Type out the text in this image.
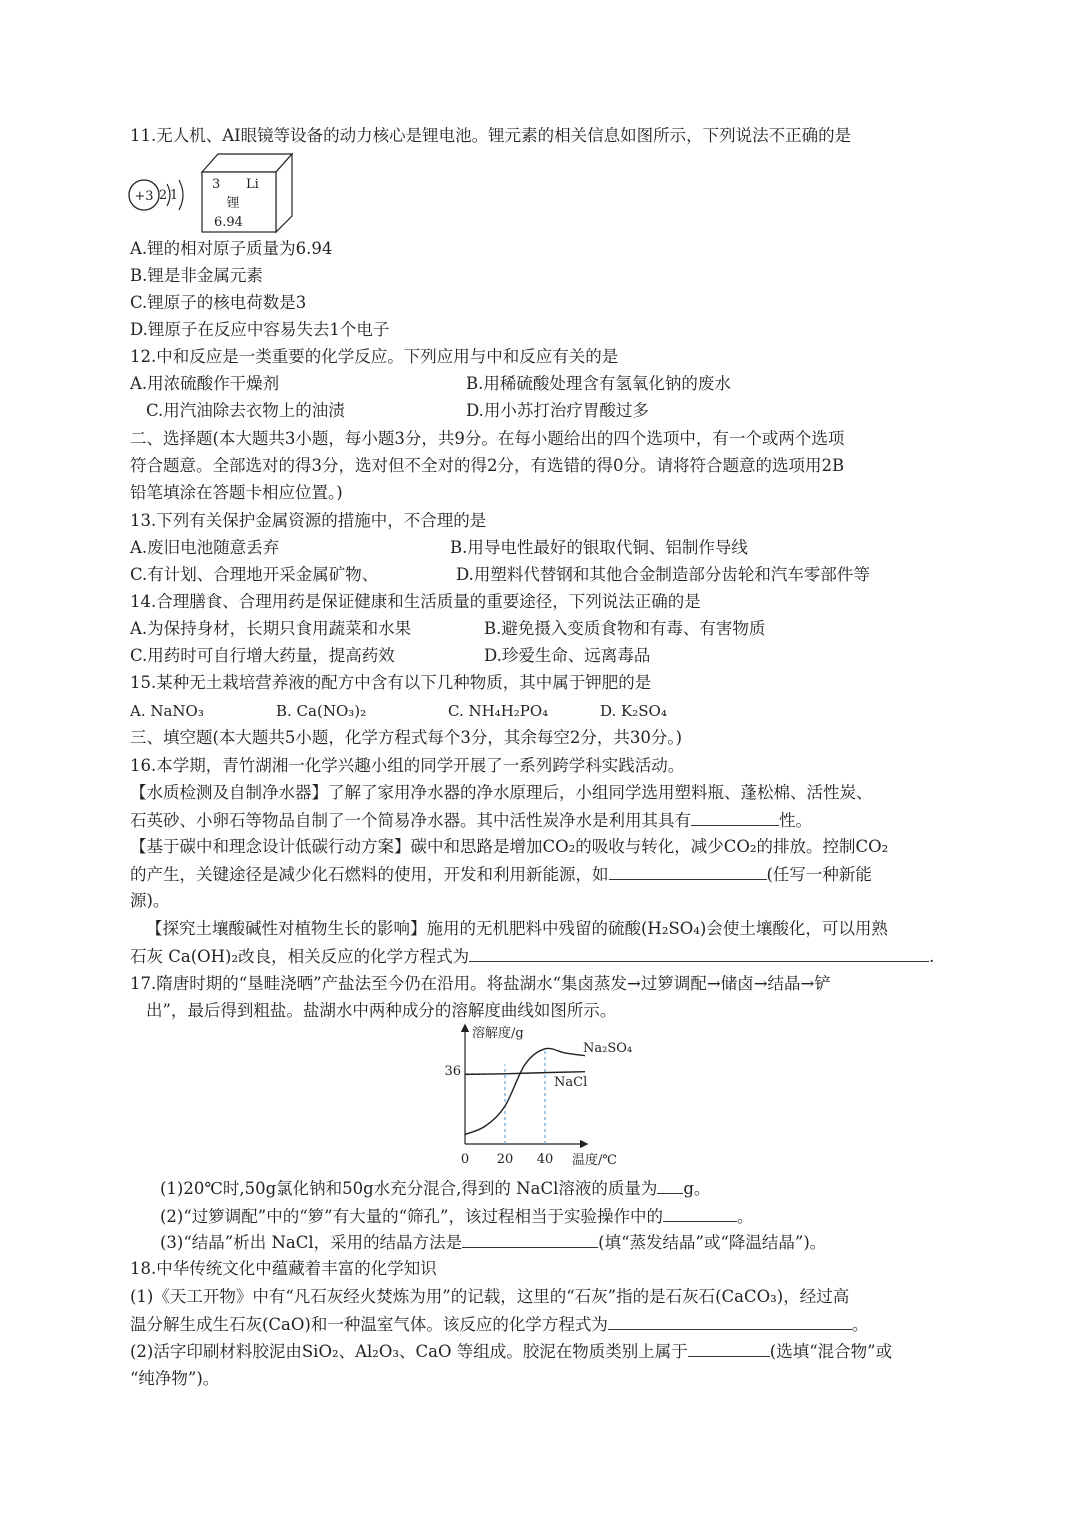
11.无人机、AI眼镜等设备的动力核心是锂电池。锂元素的相关信息如图所示，下列说法不正确的是
+3 2 1
3 Li
锂
6.94
A.锂的相对原子质量为6.94
B.锂是非金属元素
C.锂原子的核电荷数是3
D.锂原子在反应中容易失去1个电子
12.中和反应是一类重要的化学反应。下列应用与中和反应有关的是
A.用浓硫酸作干燥剂	B.用稀硫酸处理含有氢氧化钠的废水
C.用汽油除去衣物上的油渍	D.用小苏打治疗胃酸过多
二、选择题(本大题共3小题，每小题3分，共9分。在每小题给出的四个选项中，有一个或两个选项
符合题意。全部选对的得3分，选对但不全对的得2分，有选错的得0分。请将符合题意的选项用2B
铅笔填涂在答题卡相应位置。)
13.下列有关保护金属资源的措施中，不合理的是
A.废旧电池随意丢弃	B.用导电性最好的银取代铜、铝制作导线
C.有计划、合理地开采金属矿物、	D.用塑料代替钢和其他合金制造部分齿轮和汽车零部件等
14.合理膳食、合理用药是保证健康和生活质量的重要途径，下列说法正确的是
A.为保持身材，长期只食用蔬菜和水果	B.避免摄入变质食物和有毒、有害物质
C.用药时可自行增大药量，提高药效	D.珍爱生命、远离毒品
15.某种无土栽培营养液的配方中含有以下几种物质，其中属于钾肥的是
A. NaNO₃	B. Ca(NO₃)₂	C. NH₄H₂PO₄	D. K₂SO₄
三、填空题(本大题共5小题，化学方程式每个3分，其余每空2分，共30分。)
16.本学期，青竹湖湘一化学兴趣小组的同学开展了一系列跨学科实践活动。
【水质检测及自制净水器】了解了家用净水器的净水原理后，小组同学选用塑料瓶、蓬松棉、活性炭、
石英砂、小卵石等物品自制了一个简易净水器。其中活性炭净水是利用其具有	性。
【基于碳中和理念设计低碳行动方案】碳中和思路是增加CO₂的吸收与转化，减少CO₂的排放。控制CO₂
的产生，关键途径是减少化石燃料的使用，开发和利用新能源，如	(任写一种新能
源)。
【探究土壤酸碱性对植物生长的影响】施用的无机肥料中残留的硫酸(H₂SO₄)会使土壤酸化，可以用熟
石灰 Ca(OH)₂改良，相关反应的化学方程式为	.
17.隋唐时期的“垦畦浇晒”产盐法至今仍在沿用。将盐湖水“集卤蒸发→过箩调配→储卤→结晶→铲
出”，最后得到粗盐。盐湖水中两种成分的溶解度曲线如图所示。
溶解度/g
温度/℃
0 20 40
36
Na₂SO₄
NaCl
(1)20℃时,50g氯化钠和50g水充分混合,得到的 NaCl溶液的质量为 g。
(2)“过箩调配”中的“箩”有大量的“筛孔”，该过程相当于实验操作中的	。
(3)“结晶”析出 NaCl，采用的结晶方法是	(填“蒸发结晶”或“降温结晶”)。
18.中华传统文化中蕴藏着丰富的化学知识
(1)《天工开物》中有“凡石灰经火焚炼为用”的记载，这里的“石灰”指的是石灰石(CaCO₃)，经过高
温分解生成生石灰(CaO)和一种温室气体。该反应的化学方程式为	。
(2)活字印刷材料胶泥由SiO₂、Al₂O₃、CaO 等组成。胶泥在物质类别上属于	(选填“混合物”或
“纯净物”)。
